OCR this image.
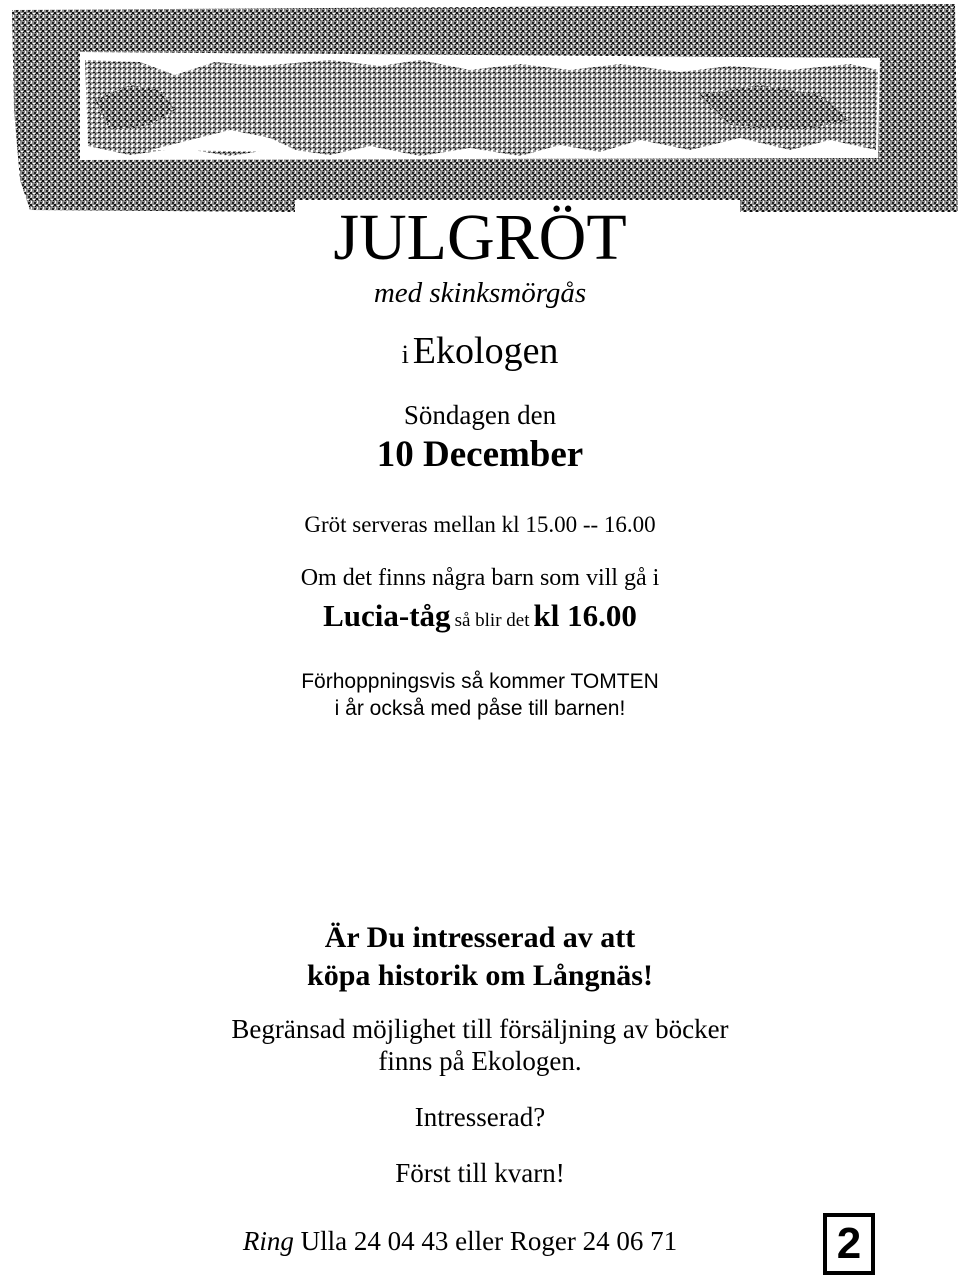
JULGRÖT
med skinksmörgås
i Ekologen
Söndagen den
10 December
Gröt serveras mellan kl 15.00 -- 16.00
Om det finns några barn som vill gå i
Lucia-tåg så blir det kl 16.00
Förhoppningsvis så kommer TOMTEN
i år också med påse till barnen!
Är Du intresserad av att
köpa historik om Långnäs!
Begränsad möjlighet till försäljning av böcker
finns på Ekologen.
Intresserad?
Först till kvarn!
Ring Ulla 24 04 43 eller Roger 24 06 71	2
